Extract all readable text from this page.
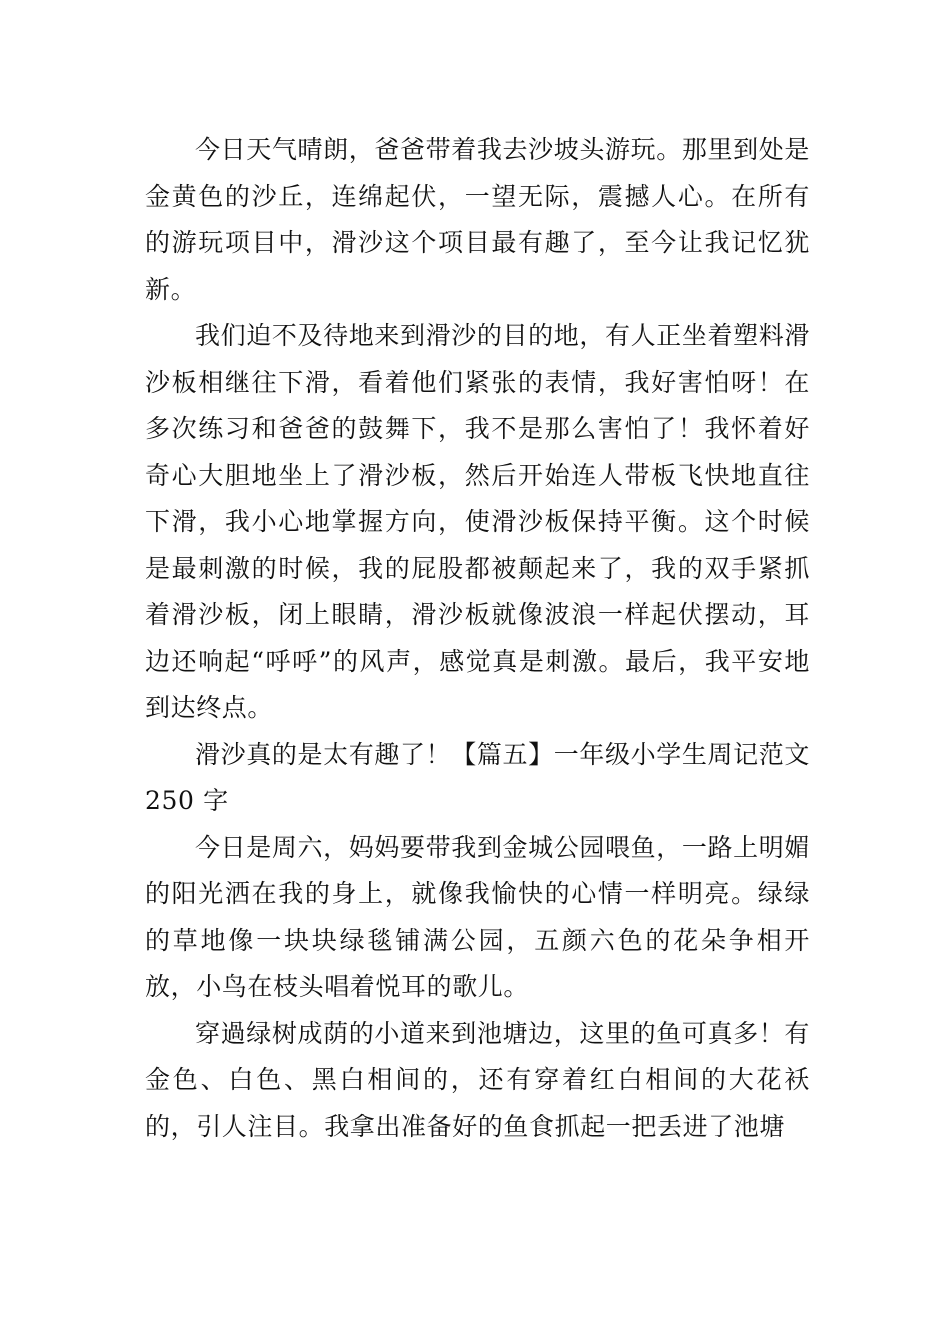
今日天气晴朗，爸爸带着我去沙坡头游玩。那里到处是金黄色的沙丘，连绵起伏，一望无际，震撼人心。在所有的游玩项目中，滑沙这个项目最有趣了，至今让我记忆犹新。

我们迫不及待地来到滑沙的目的地，有人正坐着塑料滑沙板相继往下滑，看着他们紧张的表情，我好害怕呀！在多次练习和爸爸的鼓舞下，我不是那么害怕了！我怀着好奇心大胆地坐上了滑沙板，然后开始连人带板飞快地直往下滑，我小心地掌握方向，使滑沙板保持平衡。这个时候是最刺激的时候，我的屁股都被颠起来了，我的双手紧抓着滑沙板，闭上眼睛，滑沙板就像波浪一样起伏摆动，耳边还响起“呼呼”的风声，感觉真是刺激。最后，我平安地到达终点。

滑沙真的是太有趣了！【篇五】一年级小学生周记范文 250 字

今日是周六，妈妈要带我到金城公园喂鱼，一路上明媚的阳光洒在我的身上，就像我愉快的心情一样明亮。绿绿的草地像一块块绿毯铺满公园，五颜六色的花朵争相开放，小鸟在枝头唱着悦耳的歌儿。

穿過绿树成荫的小道来到池塘边，这里的鱼可真多！有金色、白色、黑白相间的，还有穿着红白相间的大花袄的，引人注目。我拿出准备好的鱼食抓起一把丢进了池塘
